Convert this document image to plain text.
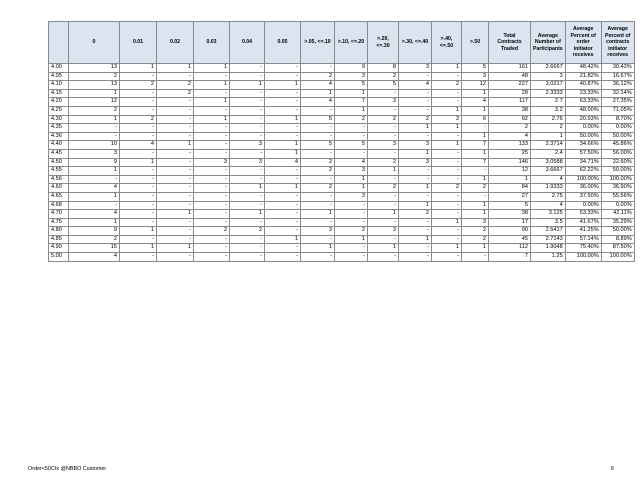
	0	0.01	0.02	0.03	0.04	0.05	>.05, <=.10	>.10, <=.20	>.20, <=.30	>.30, <=.40	>.40, <=.50	>.50	Total Contracts Traded	Average Number of Participants	Average Percent of order initiator receives	Average Percent of contracts initiator receives
4.00	13	1	1	1	-	-	-	9	8	3	1	5	161	2.6667	48.42%	30.43%
4.05	2	-	-	-	-	-	2	3	2	-	-	3	48	3	21.82%	16.67%
4.10	13	2	2	1	1	1	4	5	5	4	2	12	227	3.0217	40.87%	36.12%
4.15	1	-	2	-	-	-	1	1	-	-	-	1	28	2.3333	23.33%	32.14%
4.20	12	-	-	1	-	-	4	7	3	-	-	4	117	2.7	63.33%	27.35%
4.25	2	-	-	-	-	-	-	1	-	-	1	1	38	3.2	48.00%	71.05%
4.30	1	2	-	1	-	1	5	2	2	2	3	6	92	2.76	20.93%	8.70%
4.35	-	-	-	-	-	-	-	-	-	1	1	-	2	2	0.00%	0.00%
4.36	-	-	-	-	-	-	-	-	-	-	-	1	4	1	50.00%	50.00%
4.40	10	4	1	-	3	1	5	5	3	3	1	7	133	2.3714	34.66%	45.86%
4.45	3	-	-	-	-	1	-	-	-	1	-	1	25	2.4	57.50%	56.00%
4.50	9	1	-	3	3	4	2	4	2	3	-	7	146	3.0588	34.71%	22.60%
4.55	1	-	-	-	-	-	2	3	1	-	-	-	12	3.6667	62.22%	50.00%
4.56	-	-	-	-	-	-	-	1	-	-	-	1	1	4	100.00%	100.00%
4.60	4	-	-	-	1	1	2	1	2	1	2	2	84	1.9333	36.00%	36.90%
4.65	1	-	-	-	-	-	-	3	-	-	-	-	27	2.75	37.50%	55.56%
4.68	-	-	-	-	-	-	-	-	-	1	-	1	5	4	0.00%	0.00%
4.70	4	-	1	-	1	-	1	-	1	2	-	1	38	3.125	53.33%	42.11%
4.75	1	-	-	-	-	-	-	-	-	-	1	3	17	3.5	41.67%	35.29%
4.80	9	1	-	2	2	-	3	2	3	-	-	2	90	2.5417	41.25%	50.00%
4.85	2	-	-	-	-	1	-	1	-	1	-	2	45	2.7143	57.14%	8.89%
4.90	15	1	1	-	-	-	1	-	1	-	1	1	112	1.9048	75.40%	87.50%
5.00	4	-	-	-	-	-	-	-	-	-	-	-	7	1.25	100.00%	100.00%
Order<50Ctx @NBBO Customer	6
